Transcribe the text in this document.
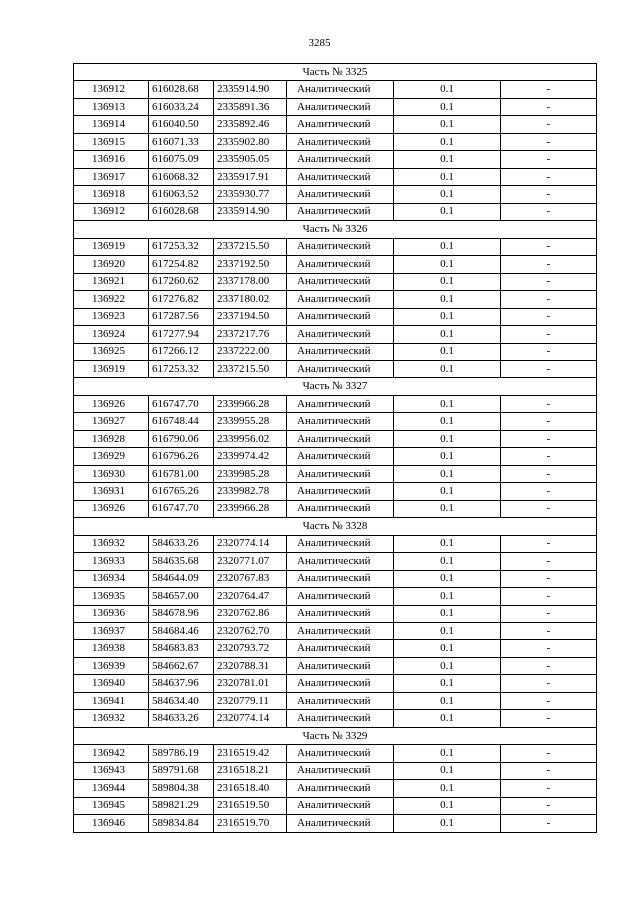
3285
Часть № 3325					
136912	616028.68	2335914.90	Аналитический	0.1	-
136913	616033.24	2335891.36	Аналитический	0.1	-
136914	616040.50	2335892.46	Аналитический	0.1	-
136915	616071.33	2335902.80	Аналитический	0.1	-
136916	616075.09	2335905.05	Аналитический	0.1	-
136917	616068.32	2335917.91	Аналитический	0.1	-
136918	616063.52	2335930.77	Аналитический	0.1	-
136912	616028.68	2335914.90	Аналитический	0.1	-
Часть № 3326					
136919	617253.32	2337215.50	Аналитический	0.1	-
136920	617254.82	2337192.50	Аналитический	0.1	-
136921	617260.62	2337178.00	Аналитический	0.1	-
136922	617276.82	2337180.02	Аналитический	0.1	-
136923	617287.56	2337194.50	Аналитический	0.1	-
136924	617277.94	2337217.76	Аналитический	0.1	-
136925	617266.12	2337222.00	Аналитический	0.1	-
136919	617253.32	2337215.50	Аналитический	0.1	-
Часть № 3327					
136926	616747.70	2339966.28	Аналитический	0.1	-
136927	616748.44	2339955.28	Аналитический	0.1	-
136928	616790.06	2339956.02	Аналитический	0.1	-
136929	616796.26	2339974.42	Аналитический	0.1	-
136930	616781.00	2339985.28	Аналитический	0.1	-
136931	616765.26	2339982.78	Аналитический	0.1	-
136926	616747.70	2339966.28	Аналитический	0.1	-
Часть № 3328					
136932	584633.26	2320774.14	Аналитический	0.1	-
136933	584635.68	2320771.07	Аналитический	0.1	-
136934	584644.09	2320767.83	Аналитический	0.1	-
136935	584657.00	2320764.47	Аналитический	0.1	-
136936	584678.96	2320762.86	Аналитический	0.1	-
136937	584684.46	2320762.70	Аналитический	0.1	-
136938	584683.83	2320793.72	Аналитический	0.1	-
136939	584662.67	2320788.31	Аналитический	0.1	-
136940	584637.96	2320781.01	Аналитический	0.1	-
136941	584634.40	2320779.11	Аналитический	0.1	-
136932	584633.26	2320774.14	Аналитический	0.1	-
Часть № 3329					
136942	589786.19	2316519.42	Аналитический	0.1	-
136943	589791.68	2316518.21	Аналитический	0.1	-
136944	589804.38	2316518.40	Аналитический	0.1	-
136945	589821.29	2316519.50	Аналитический	0.1	-
136946	589834.84	2316519.70	Аналитический	0.1	-
